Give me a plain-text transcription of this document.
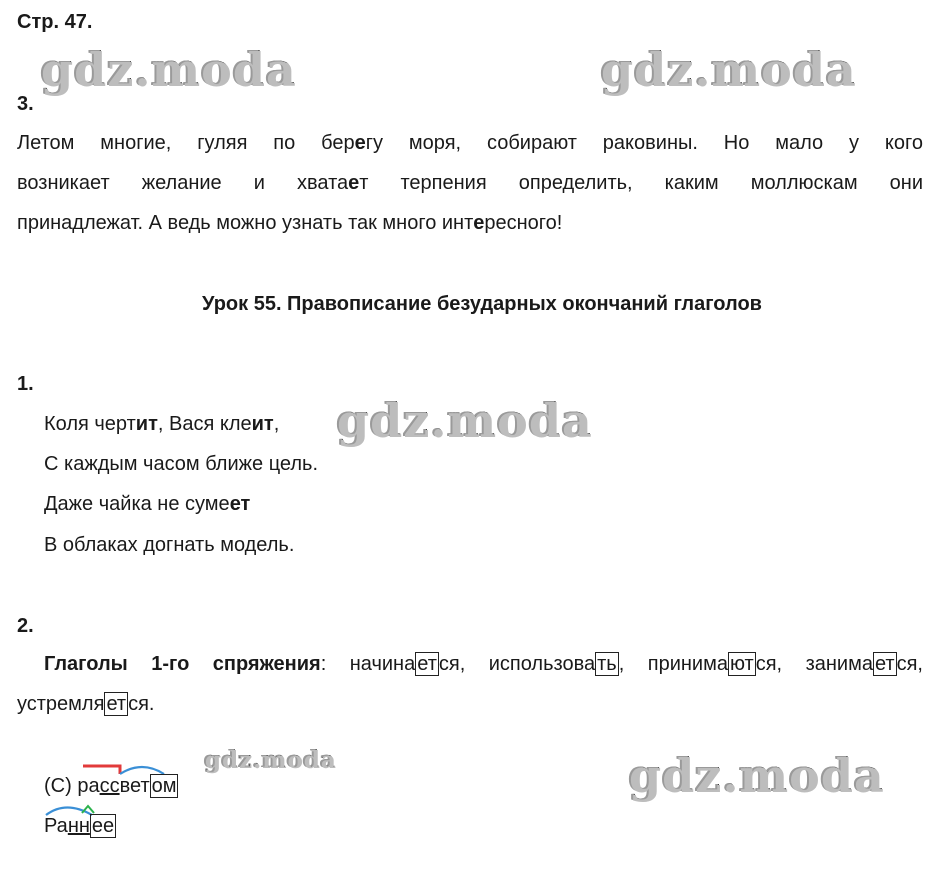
gdz.moda	gdz.moda
gdz.moda
gdz.moda	gdz.moda
Стр. 47.
3.
Летом многие, гуляя по берегу моря, собирают раковины. Но мало у кого
возникает желание и хватает терпения определить, каким моллюскам они
принадлежат. А ведь можно узнать так много интересного!
Урок 55. Правописание безударных окончаний глаголов
1.
Коля чертит, Вася клеит,
С каждым часом ближе цель.
Даже чайка не сумеет
В облаках догнать модель.
2.
Глаголы 1-го спряжения: начина ет ся, использова ть , принима ют ся, занима ет ся,
устремля ет ся.
(С) рассвет ом
Ранн ее
